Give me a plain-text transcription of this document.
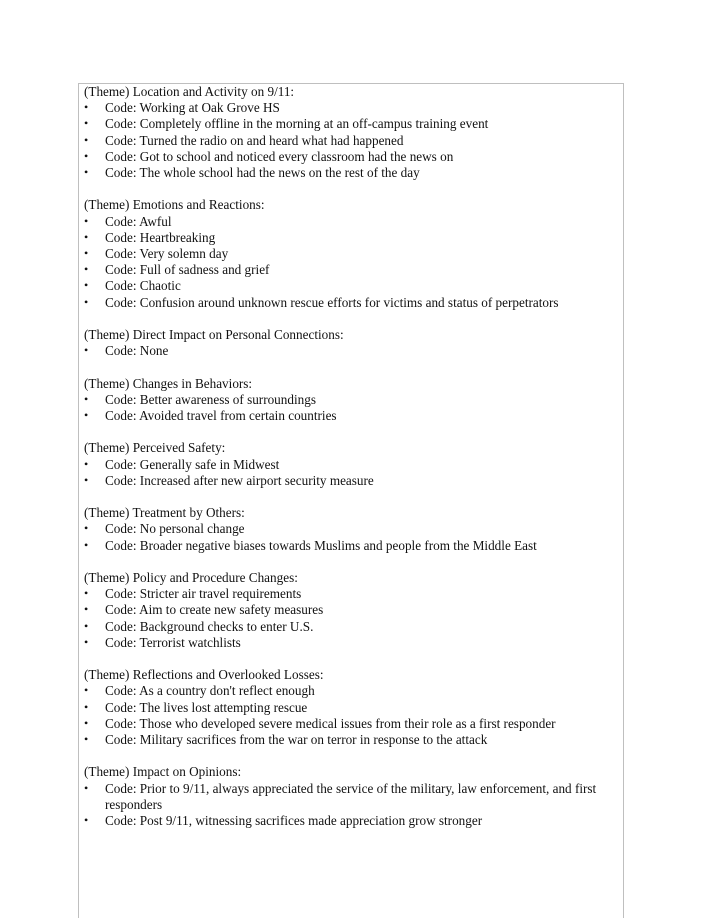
(Theme) Location and Activity on 9/11:

• Code: Working at Oak Grove HS
• Code: Completely offline in the morning at an off-campus training event
• Code: Turned the radio on and heard what had happened
• Code: Got to school and noticed every classroom had the news on
• Code: The whole school had the news on the rest of the day

(Theme) Emotions and Reactions:

• Code: Awful
• Code: Heartbreaking
• Code: Very solemn day
• Code: Full of sadness and grief
• Code: Chaotic
• Code: Confusion around unknown rescue efforts for victims and status of perpetrators

(Theme) Direct Impact on Personal Connections:

• Code: None

(Theme) Changes in Behaviors:

• Code: Better awareness of surroundings
• Code: Avoided travel from certain countries

(Theme) Perceived Safety:

• Code: Generally safe in Midwest
• Code: Increased after new airport security measure

(Theme) Treatment by Others:

• Code: No personal change
• Code: Broader negative biases towards Muslims and people from the Middle East

(Theme) Policy and Procedure Changes:

• Code: Stricter air travel requirements
• Code: Aim to create new safety measures
• Code: Background checks to enter U.S.
• Code: Terrorist watchlists

(Theme) Reflections and Overlooked Losses:

• Code: As a country don't reflect enough
• Code: The lives lost attempting rescue
• Code: Those who developed severe medical issues from their role as a first responder
• Code: Military sacrifices from the war on terror in response to the attack

(Theme) Impact on Opinions:

• Code: Prior to 9/11, always appreciated the service of the military, law enforcement, and first responders
• Code: Post 9/11, witnessing sacrifices made appreciation grow stronger
